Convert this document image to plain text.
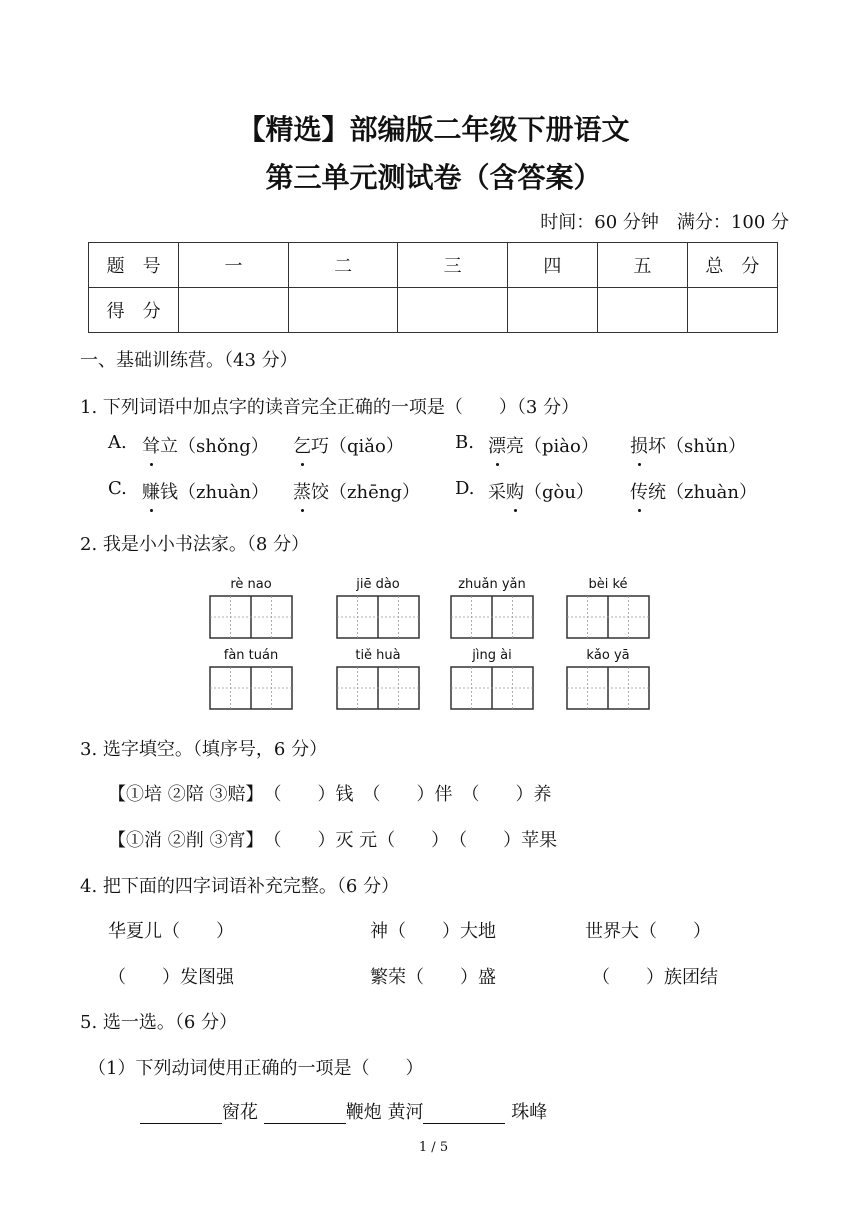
【精选】部编版二年级下册语文
第三单元测试卷（含答案）
时间：60 分钟　满分：100 分
题　号	一	二	三	四	五	总　分
得　分						
一、基础训练营。（43 分）
1. 下列词语中加点字的读音完全正确的一项是（　　）（3 分）
A. 耸立（shǒng） 乞巧（qiǎo）	B. 漂亮（piào） 损坏（shǔn）
C. 赚钱（zhuàn） 蒸饺（zhēng） D. 采购（gòu） 传统（zhuàn）
2. 我是小小书法家。（8 分）
rè nao	jiē dào	zhuǎn yǎn	bèi ké
fàn tuán	tiě huà	jìng ài	kǎo yā
3. 选字填空。（填序号，6 分）
【①培 ②陪 ③赔】　（　　）钱　（　　）伴　（　　）养
【①消 ②削 ③宵】　（　　）灭 元（　　）　（　　）苹果
4. 把下面的四字词语补充完整。（6 分）
华夏儿（　　）	神（　　）大地	世界大（　　）
（　　）发图强	繁荣（　　）盛	（　　）族团结
5. 选一选。（6 分）
（1）下列动词使用正确的一项是（　　）
窗花	鞭炮 黄河	珠峰
1 / 5
